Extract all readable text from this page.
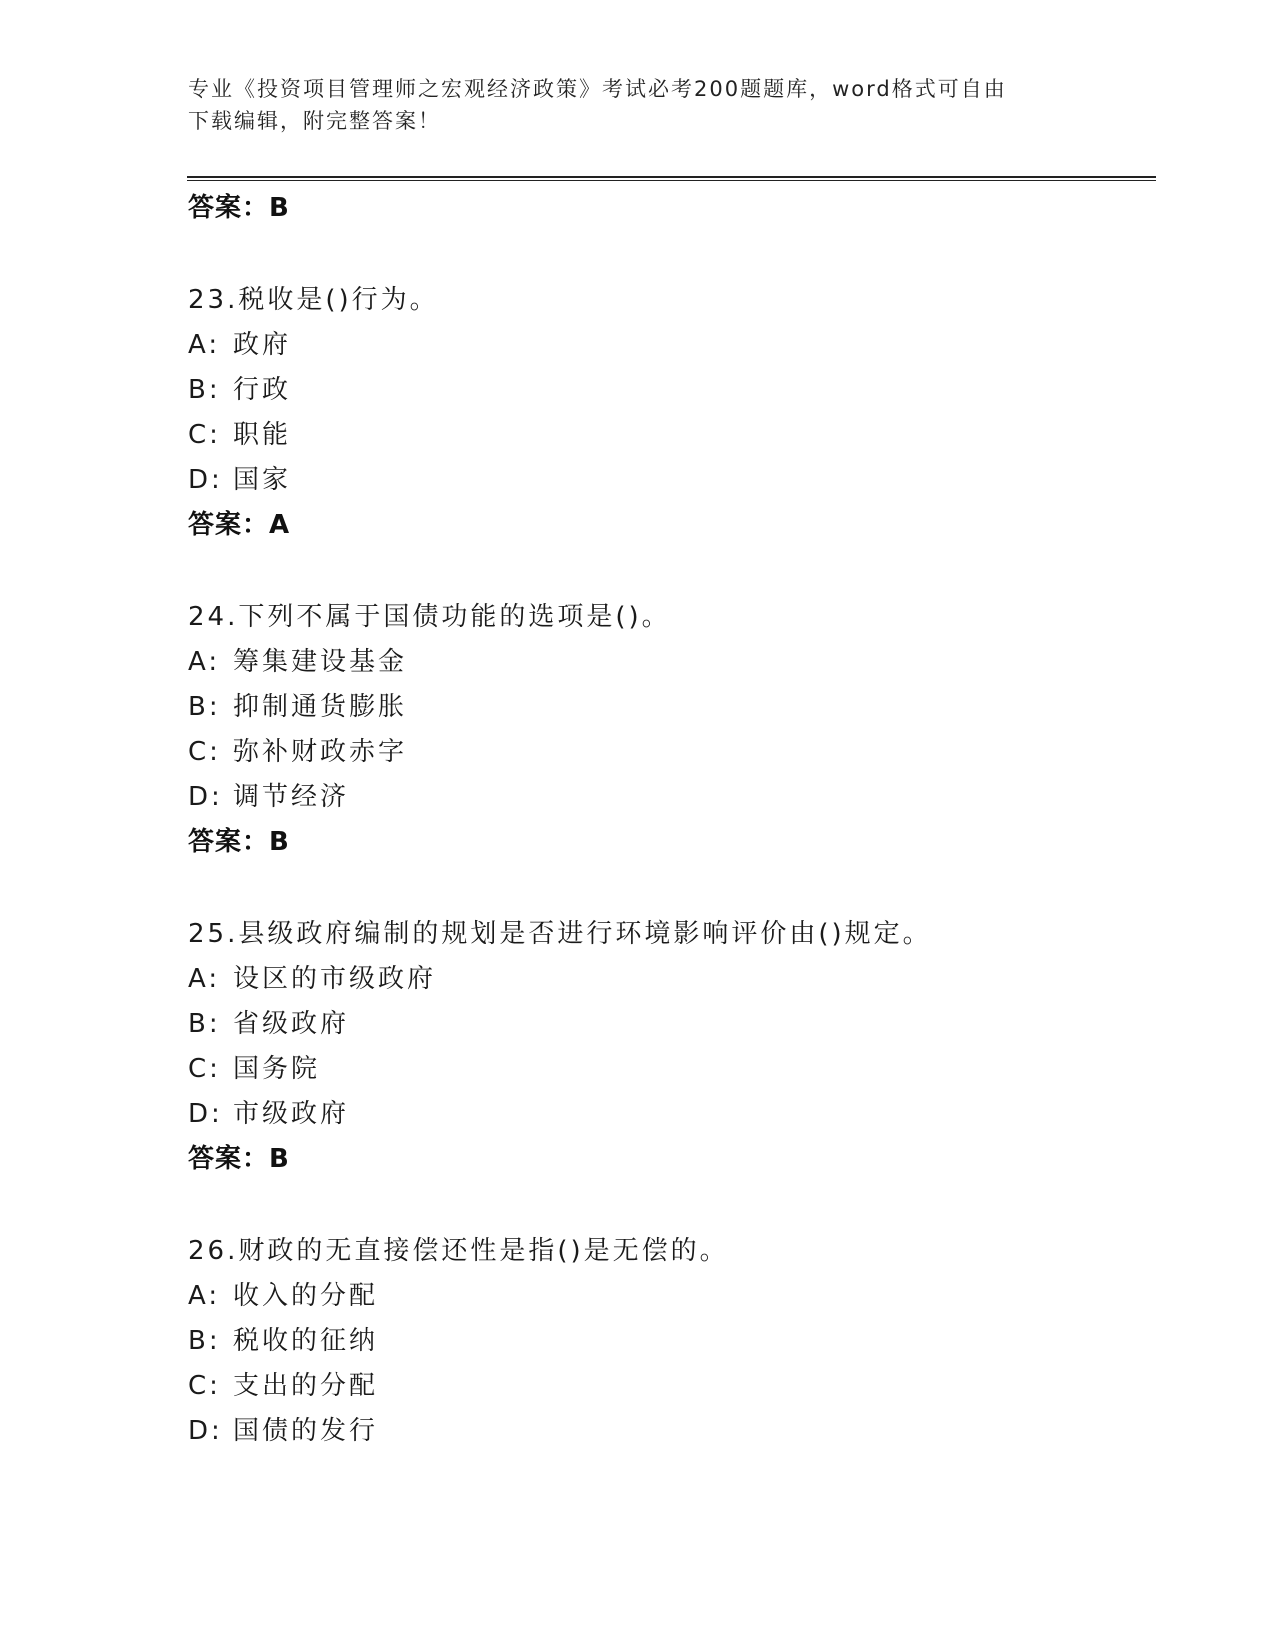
专业《投资项目管理师之宏观经济政策》考试必考200题题库，word格式可自由
下载编辑，附完整答案！
答案：B
23.税收是()行为。
A: 政府
B: 行政
C: 职能
D: 国家
答案：A
24.下列不属于国债功能的选项是()。
A: 筹集建设基金
B: 抑制通货膨胀
C: 弥补财政赤字
D: 调节经济
答案：B
25.县级政府编制的规划是否进行环境影响评价由()规定。
A: 设区的市级政府
B: 省级政府
C: 国务院
D: 市级政府
答案：B
26.财政的无直接偿还性是指()是无偿的。
A: 收入的分配
B: 税收的征纳
C: 支出的分配
D: 国债的发行
